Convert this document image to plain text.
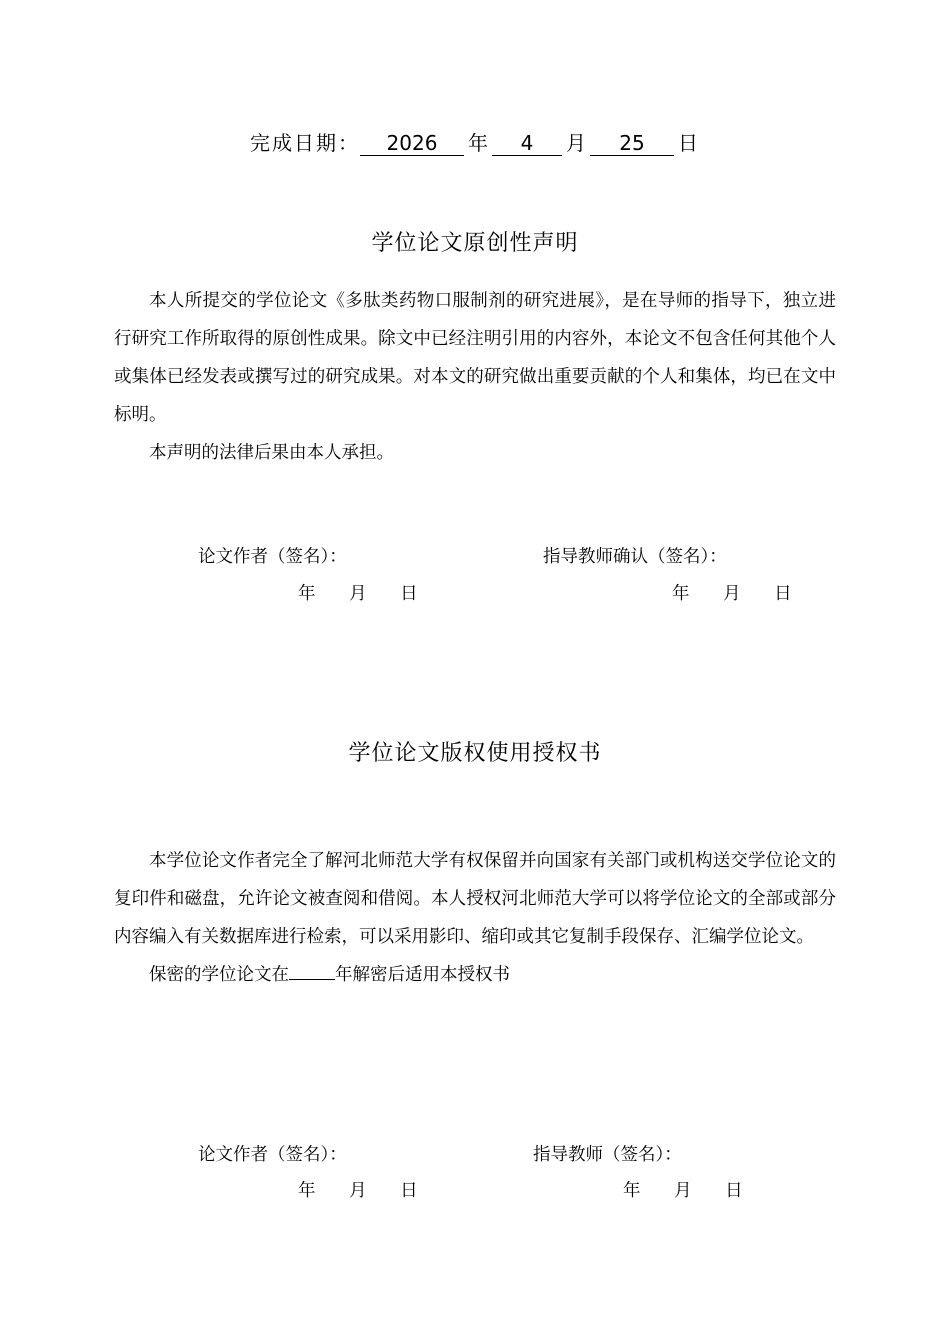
完成日期：	2026	年	4	月	25	日
学位论文原创性声明

本人所提交的学位论文《多肽类药物口服制剂的研究进展》，是在导师的指导下，独立进行研究工作所取得的原创性成果。除文中已经注明引用的内容外，本论文不包含任何其他个人或集体已经发表或撰写过的研究成果。对本文的研究做出重要贡献的个人和集体，均已在文中标明。

本声明的法律后果由本人承担。

论文作者（签名）：	指导教师确认（签名）：
年 月 日	年 月 日
学位论文版权使用授权书

本学位论文作者完全了解河北师范大学有权保留并向国家有关部门或机构送交学位论文的复印件和磁盘，允许论文被查阅和借阅。本人授权河北师范大学可以将学位论文的全部或部分内容编入有关数据库进行检索，可以采用影印、缩印或其它复制手段保存、汇编学位论文。

保密的学位论文在	年解密后适用本授权书

论文作者（签名）：	指导教师（签名）：
年 月 日	年 月 日
